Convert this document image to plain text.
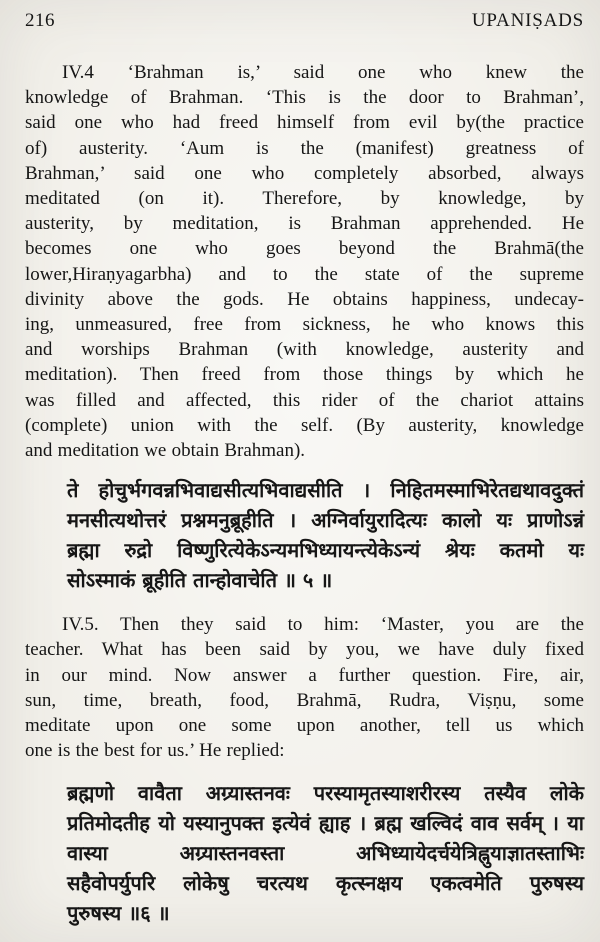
216	UPANIṢADS
IV.4 ‘Brahman is,’ said one who knew the
knowledge of Brahman. ‘This is the door to Brahman’,
said one who had freed himself from evil by(the practice
of) austerity. ‘Aum is the (manifest) greatness of
Brahman,’ said one who completely absorbed, always
meditated (on it). Therefore, by knowledge, by
austerity, by meditation, is Brahman apprehended. He
becomes one who goes beyond the Brahmā(the
lower,Hiraṇyagarbha) and to the state of the supreme
divinity above the gods. He obtains happiness, undecay-
ing, unmeasured, free from sickness, he who knows this
and worships Brahman (with knowledge, austerity and
meditation). Then freed from those things by which he
was filled and affected, this rider of the chariot attains
(complete) union with the self. (By austerity, knowledge
and meditation we obtain Brahman).
ते होचुर्भगवन्नभिवाद्यसीत्यभिवाद्यसीति । निहितमस्माभिरेतद्यथावदुक्तं
मनसीत्यथोत्तरं प्रश्नमनुब्रूहीति । अग्निर्वायुरादित्यः कालो यः प्राणोऽन्नं
ब्रह्मा रुद्रो विष्णुरित्येकेऽन्यमभिध्यायन्त्येकेऽन्यं श्रेयः कतमो यः
सोऽस्माकं ब्रूहीति तान्होवाचेति ॥ ५ ॥
IV.5. Then they said to him: ‘Master, you are the
teacher. What has been said by you, we have duly fixed
in our mind. Now answer a further question. Fire, air,
sun, time, breath, food, Brahmā, Rudra, Viṣṇu, some
meditate upon one some upon another, tell us which
one is the best for us.’ He replied:
ब्रह्मणो वावैता अग्र्यास्तनवः परस्यामृतस्याशरीरस्य तस्यैव लोके
प्रतिमोदतीह यो यस्यानुपक्त इत्येवं ह्याह । ब्रह्म खल्विदं वाव सर्वम् । या
वास्या अग्र्यास्तनवस्ता अभिध्यायेदर्चयेत्रिह्नुयाज्ञातस्ताभिः
सहैवोपर्युपरि लोकेषु चरत्यथ कृत्स्नक्षय एकत्वमेति पुरुषस्य
पुरुषस्य ॥६ ॥
